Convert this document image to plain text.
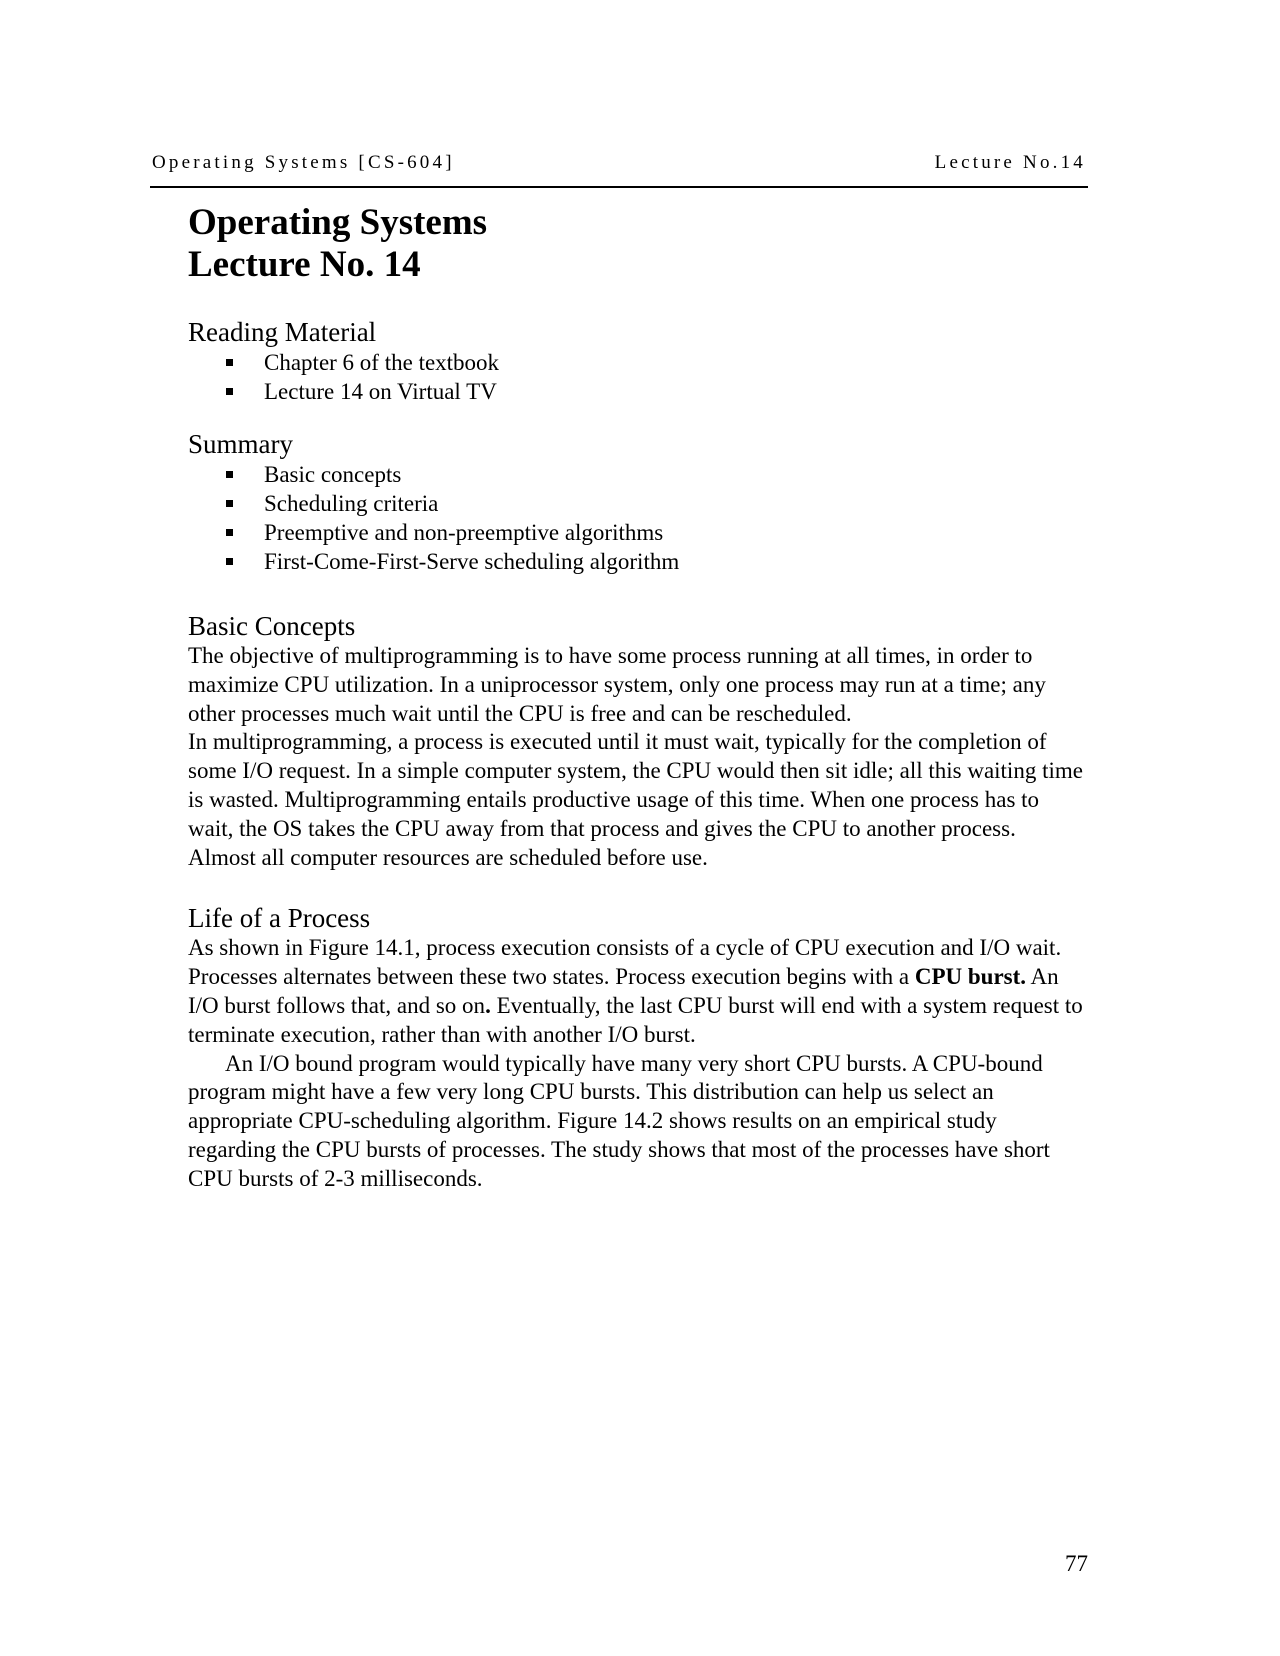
Operating Systems [CS-604]	Lecture No.14
Operating Systems
Lecture No. 14
Reading Material
Chapter 6 of the textbook
Lecture 14 on Virtual TV
Summary
Basic concepts
Scheduling criteria
Preemptive and non-preemptive algorithms
First-Come-First-Serve scheduling algorithm
Basic Concepts

The objective of multiprogramming is to have some process running at all times, in order to maximize CPU utilization. In a uniprocessor system, only one process may run at a time; any other processes much wait until the CPU is free and can be rescheduled.

In multiprogramming, a process is executed until it must wait, typically for the completion of some I/O request. In a simple computer system, the CPU would then sit idle; all this waiting time is wasted. Multiprogramming entails productive usage of this time. When one process has to wait, the OS takes the CPU away from that process and gives the CPU to another process. Almost all computer resources are scheduled before use.

Life of a Process

As shown in Figure 14.1, process execution consists of a cycle of CPU execution and I/O wait. Processes alternates between these two states. Process execution begins with a CPU burst. An I/O burst follows that, and so on. Eventually, the last CPU burst will end with a system request to terminate execution, rather than with another I/O burst.

An I/O bound program would typically have many very short CPU bursts. A CPU-bound program might have a few very long CPU bursts. This distribution can help us select an appropriate CPU-scheduling algorithm. Figure 14.2 shows results on an empirical study regarding the CPU bursts of processes. The study shows that most of the processes have short CPU bursts of 2-3 milliseconds.

77
